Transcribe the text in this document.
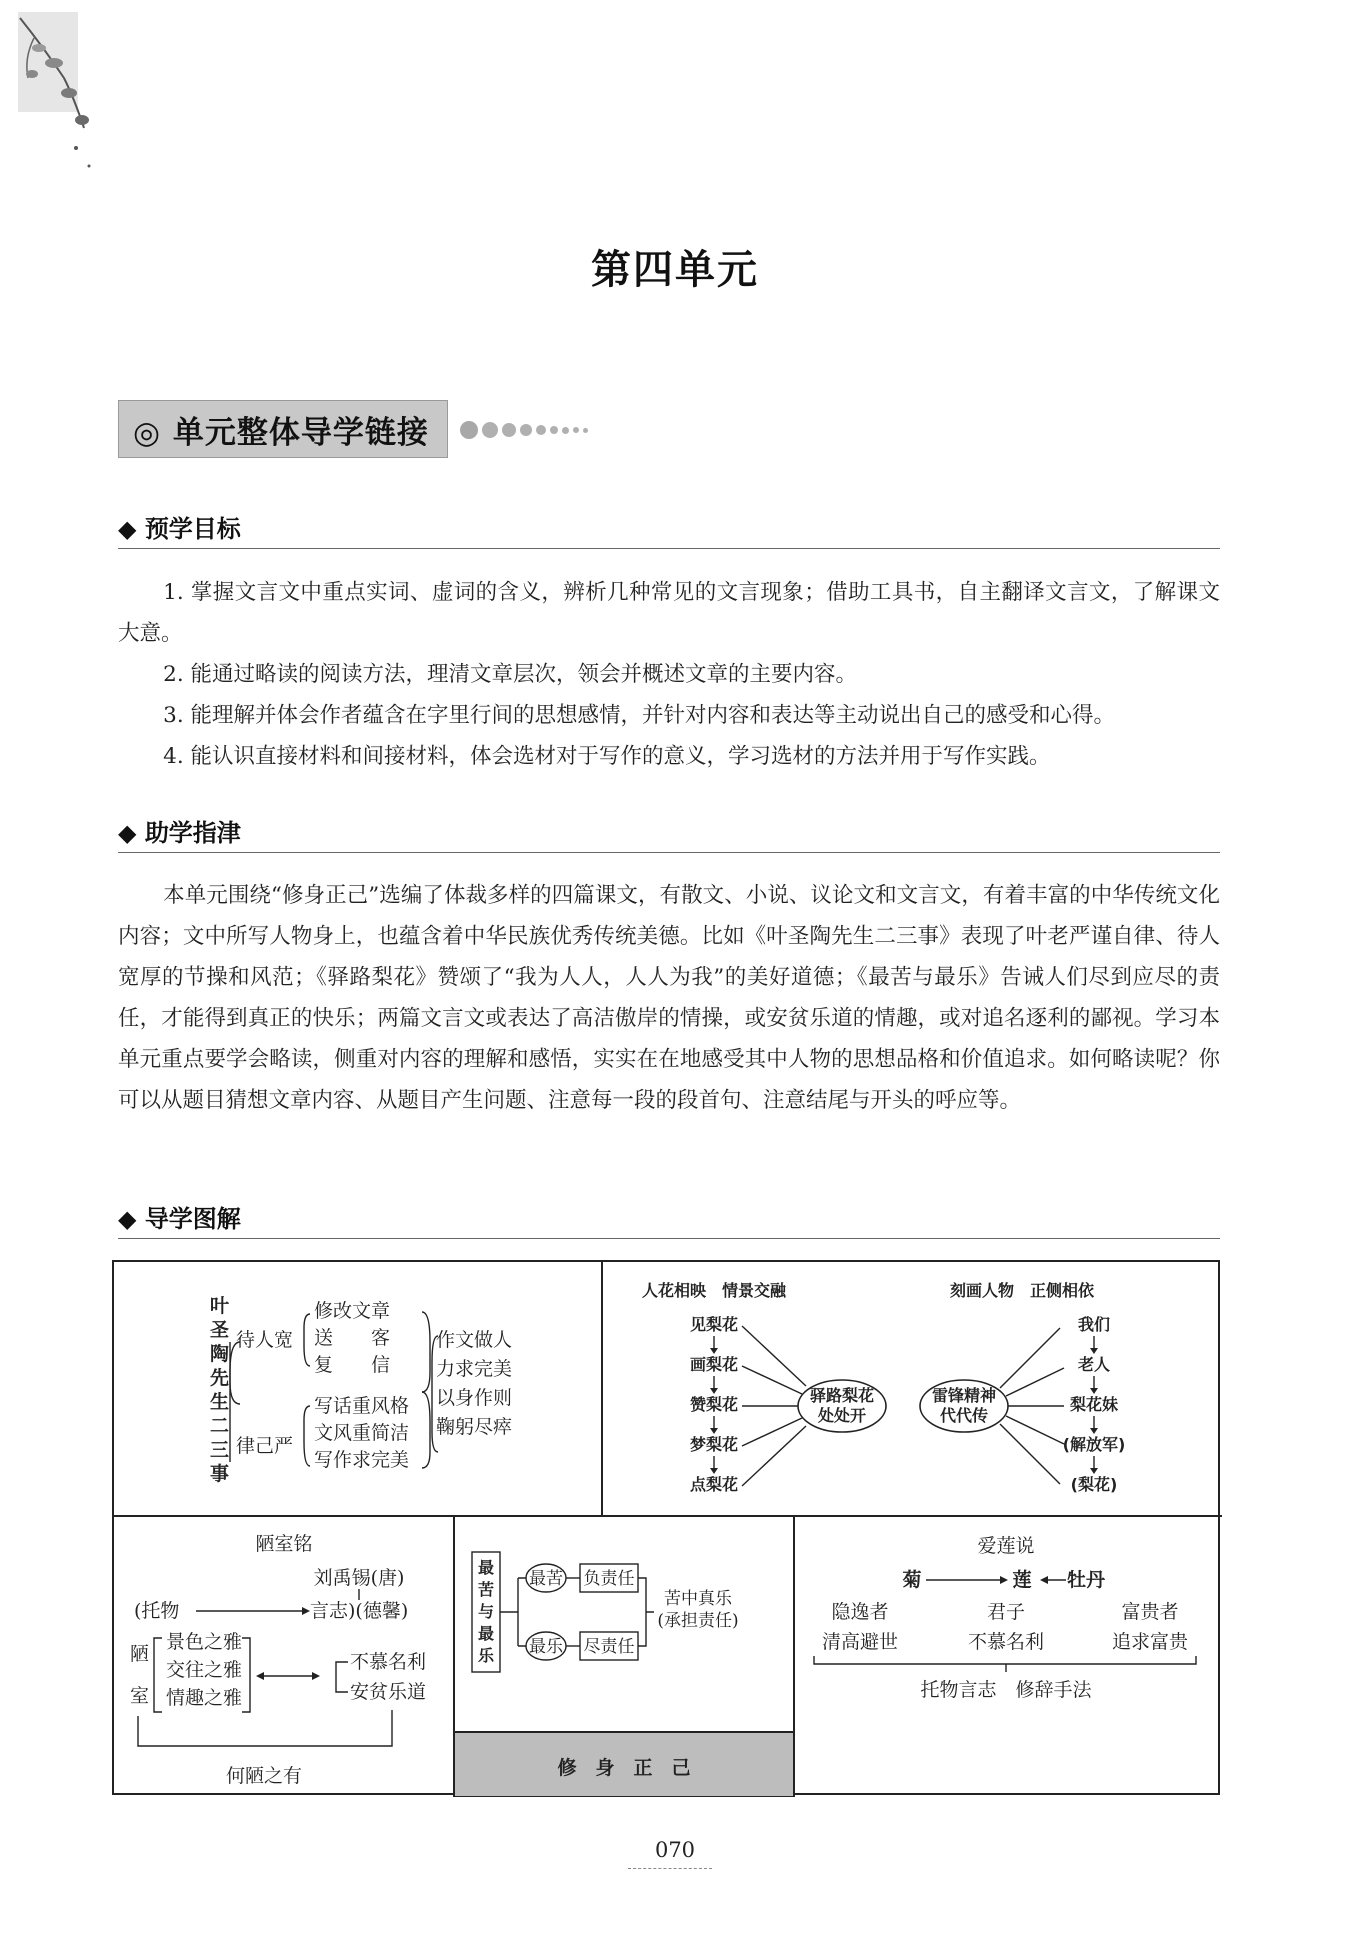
第四单元
◎ 单元整体导学链接
◆ 预学目标

1. 掌握文言文中重点实词、虚词的含义，辨析几种常见的文言现象；借助工具书，自主翻译文言文，了解课文大意。

2. 能通过略读的阅读方法，理清文章层次，领会并概述文章的主要内容。

3. 能理解并体会作者蕴含在字里行间的思想感情，并针对内容和表达等主动说出自己的感受和心得。

4. 能认识直接材料和间接材料，体会选材对于写作的意义，学习选材的方法并用于写作实践。

◆ 助学指津

本单元围绕“修身正己”选编了体裁多样的四篇课文，有散文、小说、议论文和文言文，有着丰富的中华传统文化内容；文中所写人物身上，也蕴含着中华民族优秀传统美德。比如《叶圣陶先生二三事》表现了叶老严谨自律、待人宽厚的节操和风范；《驿路梨花》赞颂了“我为人人，人人为我”的美好道德；《最苦与最乐》告诫人们尽到应尽的责任，才能得到真正的快乐；两篇文言文或表达了高洁傲岸的情操，或安贫乐道的情趣，或对追名逐利的鄙视。学习本单元重点要学会略读，侧重对内容的理解和感悟，实实在在地感受其中人物的思想品格和价值追求。如何略读呢？你可以从题目猜想文章内容、从题目产生问题、注意每一段的段首句、注意结尾与开头的呼应等。

◆ 导学图解
修　身　正　己
叶
圣
陶
先
生
二
三
事
待人宽
律己严
修改文章
送　　客
复　　信
写话重风格
文风重简洁
写作求完美
作文做人
力求完美
以身作则
鞠躬尽瘁
人花相映　情景交融	刻画人物　正侧相依
见梨花
画梨花
赞梨花
梦梨花
点梨花
驿路梨花
处处开
雷锋精神
代代传
我们
老人
梨花妹
(解放军)
(梨花)
陋室铭
刘禹锡(唐)
(托物	言志)(德馨)
陋
室
景色之雅
交往之雅
情趣之雅
不慕名利
安贫乐道
何陋之有
最
苦
与
最
乐
最苦
最乐
负责任
尽责任
苦中真乐
(承担责任)
爱莲说
菊	莲 牡丹
隐逸者
清高避世
君子
不慕名利
富贵者
追求富贵
托物言志　修辞手法
070
